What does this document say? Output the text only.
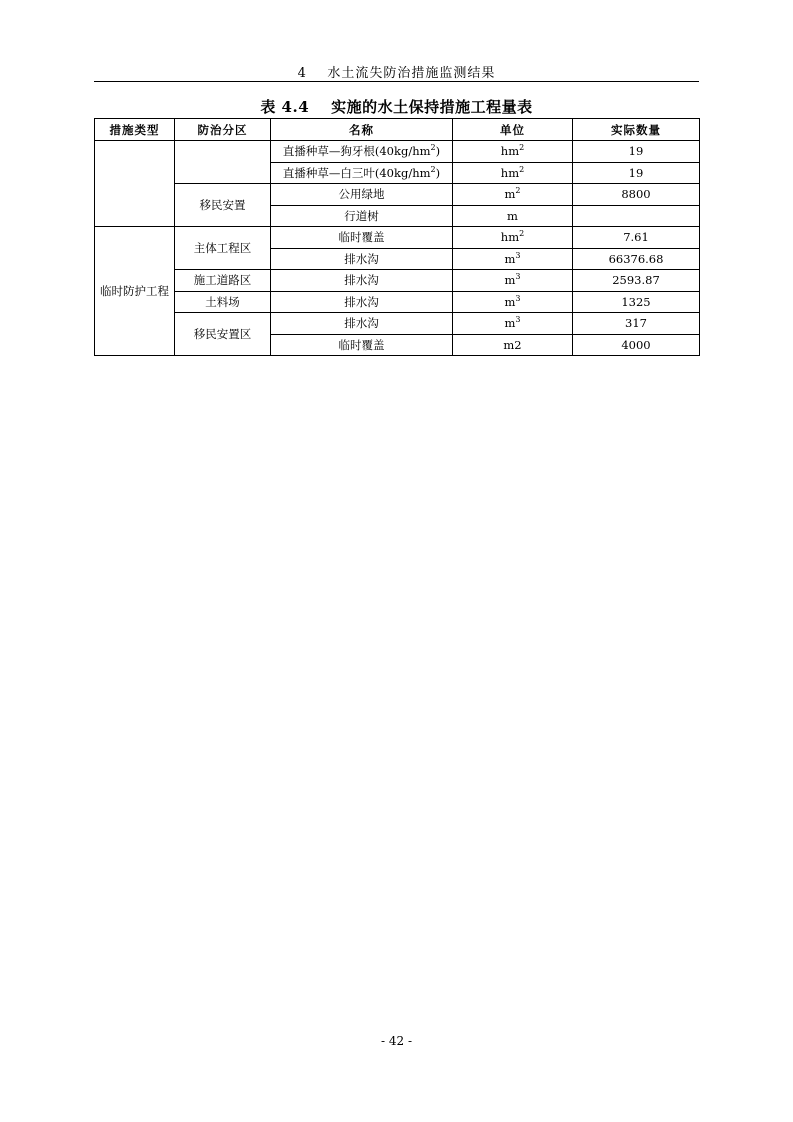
4 水土流失防治措施监测结果
表 4.4 实施的水土保持措施工程量表
措施类型	防治分区	名称	单位	实际数量
		直播种草—狗牙根$(40kg/hm^2)$	$hm^2$	19
		直播种草—白三叶$(40kg/hm^2)$	$hm^2$	19
	移民安置	公用绿地	$m^2$	8800
		行道树	m	
临时防护工程	主体工程区	临时覆盖	$hm^2$	7.61
		排水沟	$m^3$	66376.68
	施工道路区	排水沟	$m^3$	2593.87
	土料场	排水沟	$m^3$	1325
	移民安置区	排水沟	$m^3$	317
		临时覆盖	m2	4000
- 42 -
